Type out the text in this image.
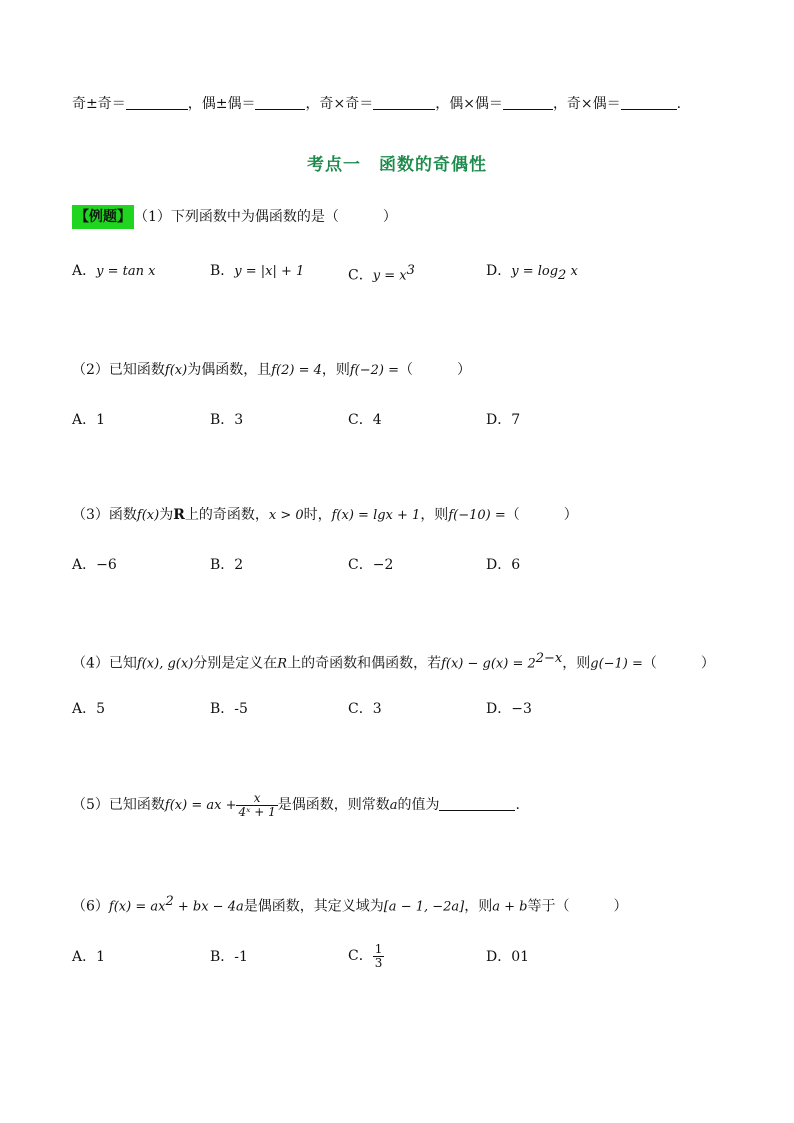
奇±奇＝	，偶±偶＝	，奇×奇＝	，偶×偶＝	，奇×偶＝	.
考点一　函数的奇偶性
【例题】 （1）下列函数中为偶函数的是（	）
A．y = tan x	B．y = |x| + 1	C．$y = x^3$	D．$y = \log_2 x$
（2）已知函数f(x)为偶函数，且f(2) = 4，则f(−2) =（	）
A．1	B．3	C．4	D．7
（3）函数f(x)为R上的奇函数，x > 0时，f(x) = lgx + 1，则f(−10) =（	）
A．−6	B．2	C．−2	D．6
（4）已知f(x), g(x)分别是定义在R上的奇函数和偶函数，若$f(x) - g(x) = 2^{2-x}$，则g(−1) =（	）
A．5	B．-5	C．3	D．−3
（5）已知函数f(x) = ax + $\frac{x}{\text{4ˣ + 1}}$ 是偶函数，则常数a的值为	.
$(6)f(x) = ax^2$ + bx − 4a是偶函数，其定义域为[a − 1, −2a]，则a + b等于（	）
A．1	B．-1	C． $\frac{1}{3}$	D．01
